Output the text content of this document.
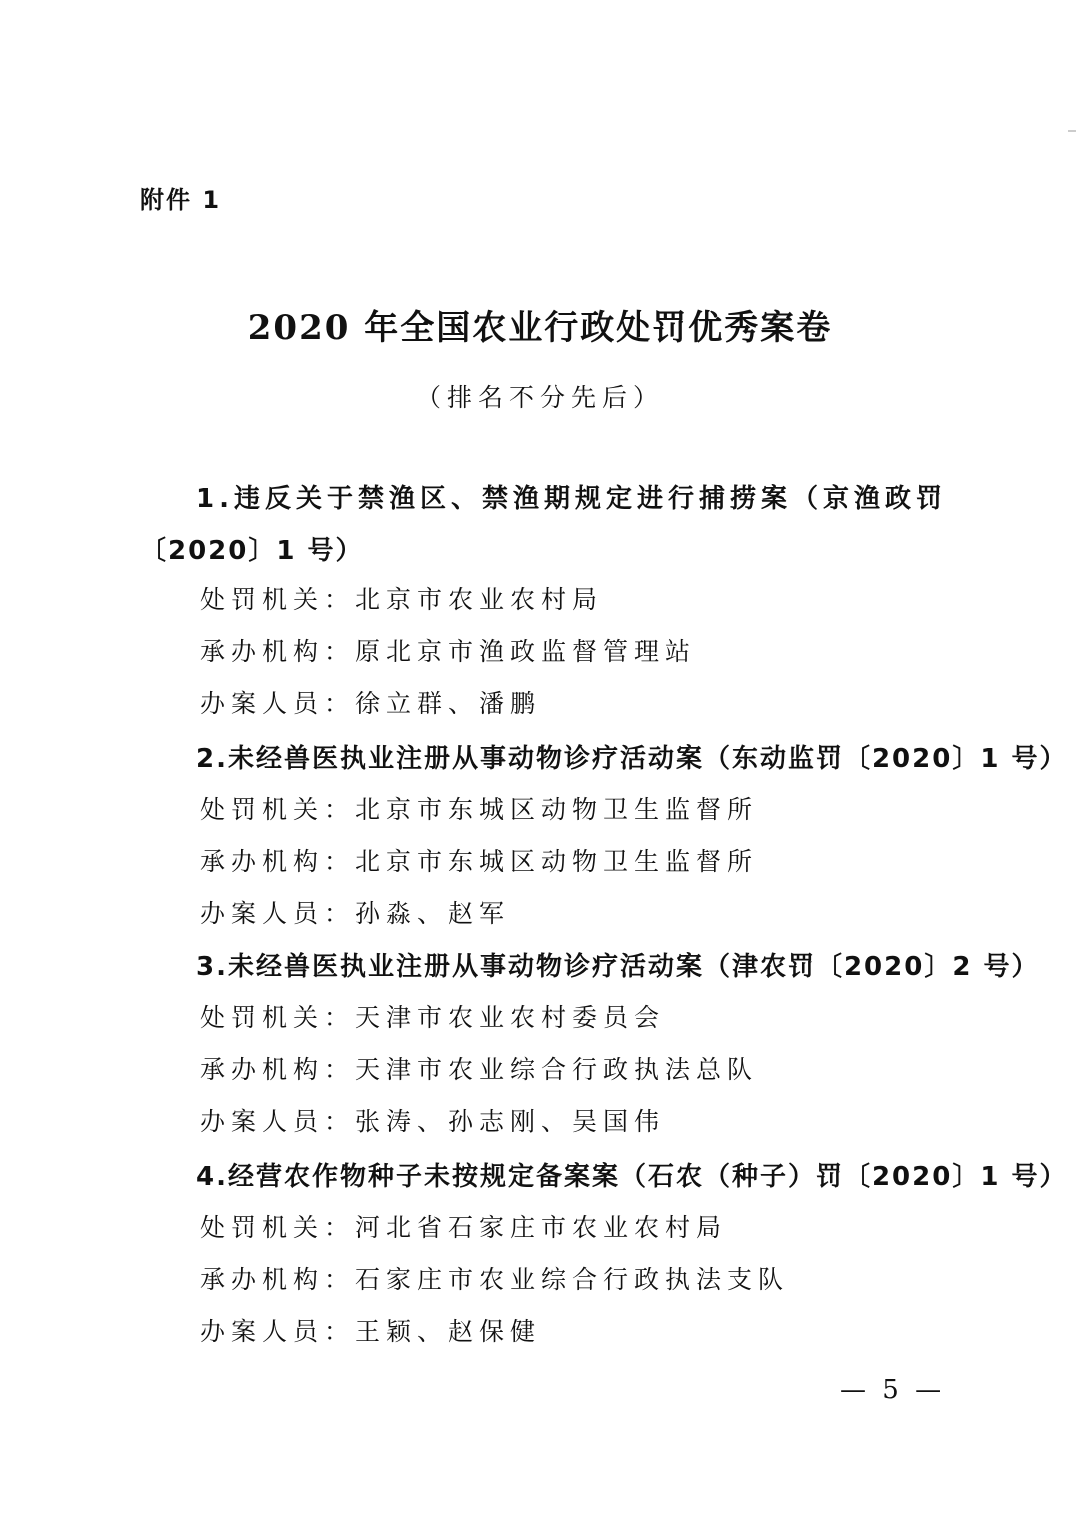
附件 1
2020 年全国农业行政处罚优秀案卷
（排名不分先后）
1.违反关于禁渔区、禁渔期规定进行捕捞案（京渔政罚
〔2020〕1 号）
处罚机关：北京市农业农村局
承办机构：原北京市渔政监督管理站
办案人员：徐立群、潘鹏
2.未经兽医执业注册从事动物诊疗活动案（东动监罚〔2020〕1 号）
处罚机关：北京市东城区动物卫生监督所
承办机构：北京市东城区动物卫生监督所
办案人员：孙淼、赵军
3.未经兽医执业注册从事动物诊疗活动案（津农罚〔2020〕2 号）
处罚机关：天津市农业农村委员会
承办机构：天津市农业综合行政执法总队
办案人员：张涛、孙志刚、吴国伟
4.经营农作物种子未按规定备案案（石农（种子）罚〔2020〕1 号）
处罚机关：河北省石家庄市农业农村局
承办机构：石家庄市农业综合行政执法支队
办案人员：王颖、赵保健
— 5 —
